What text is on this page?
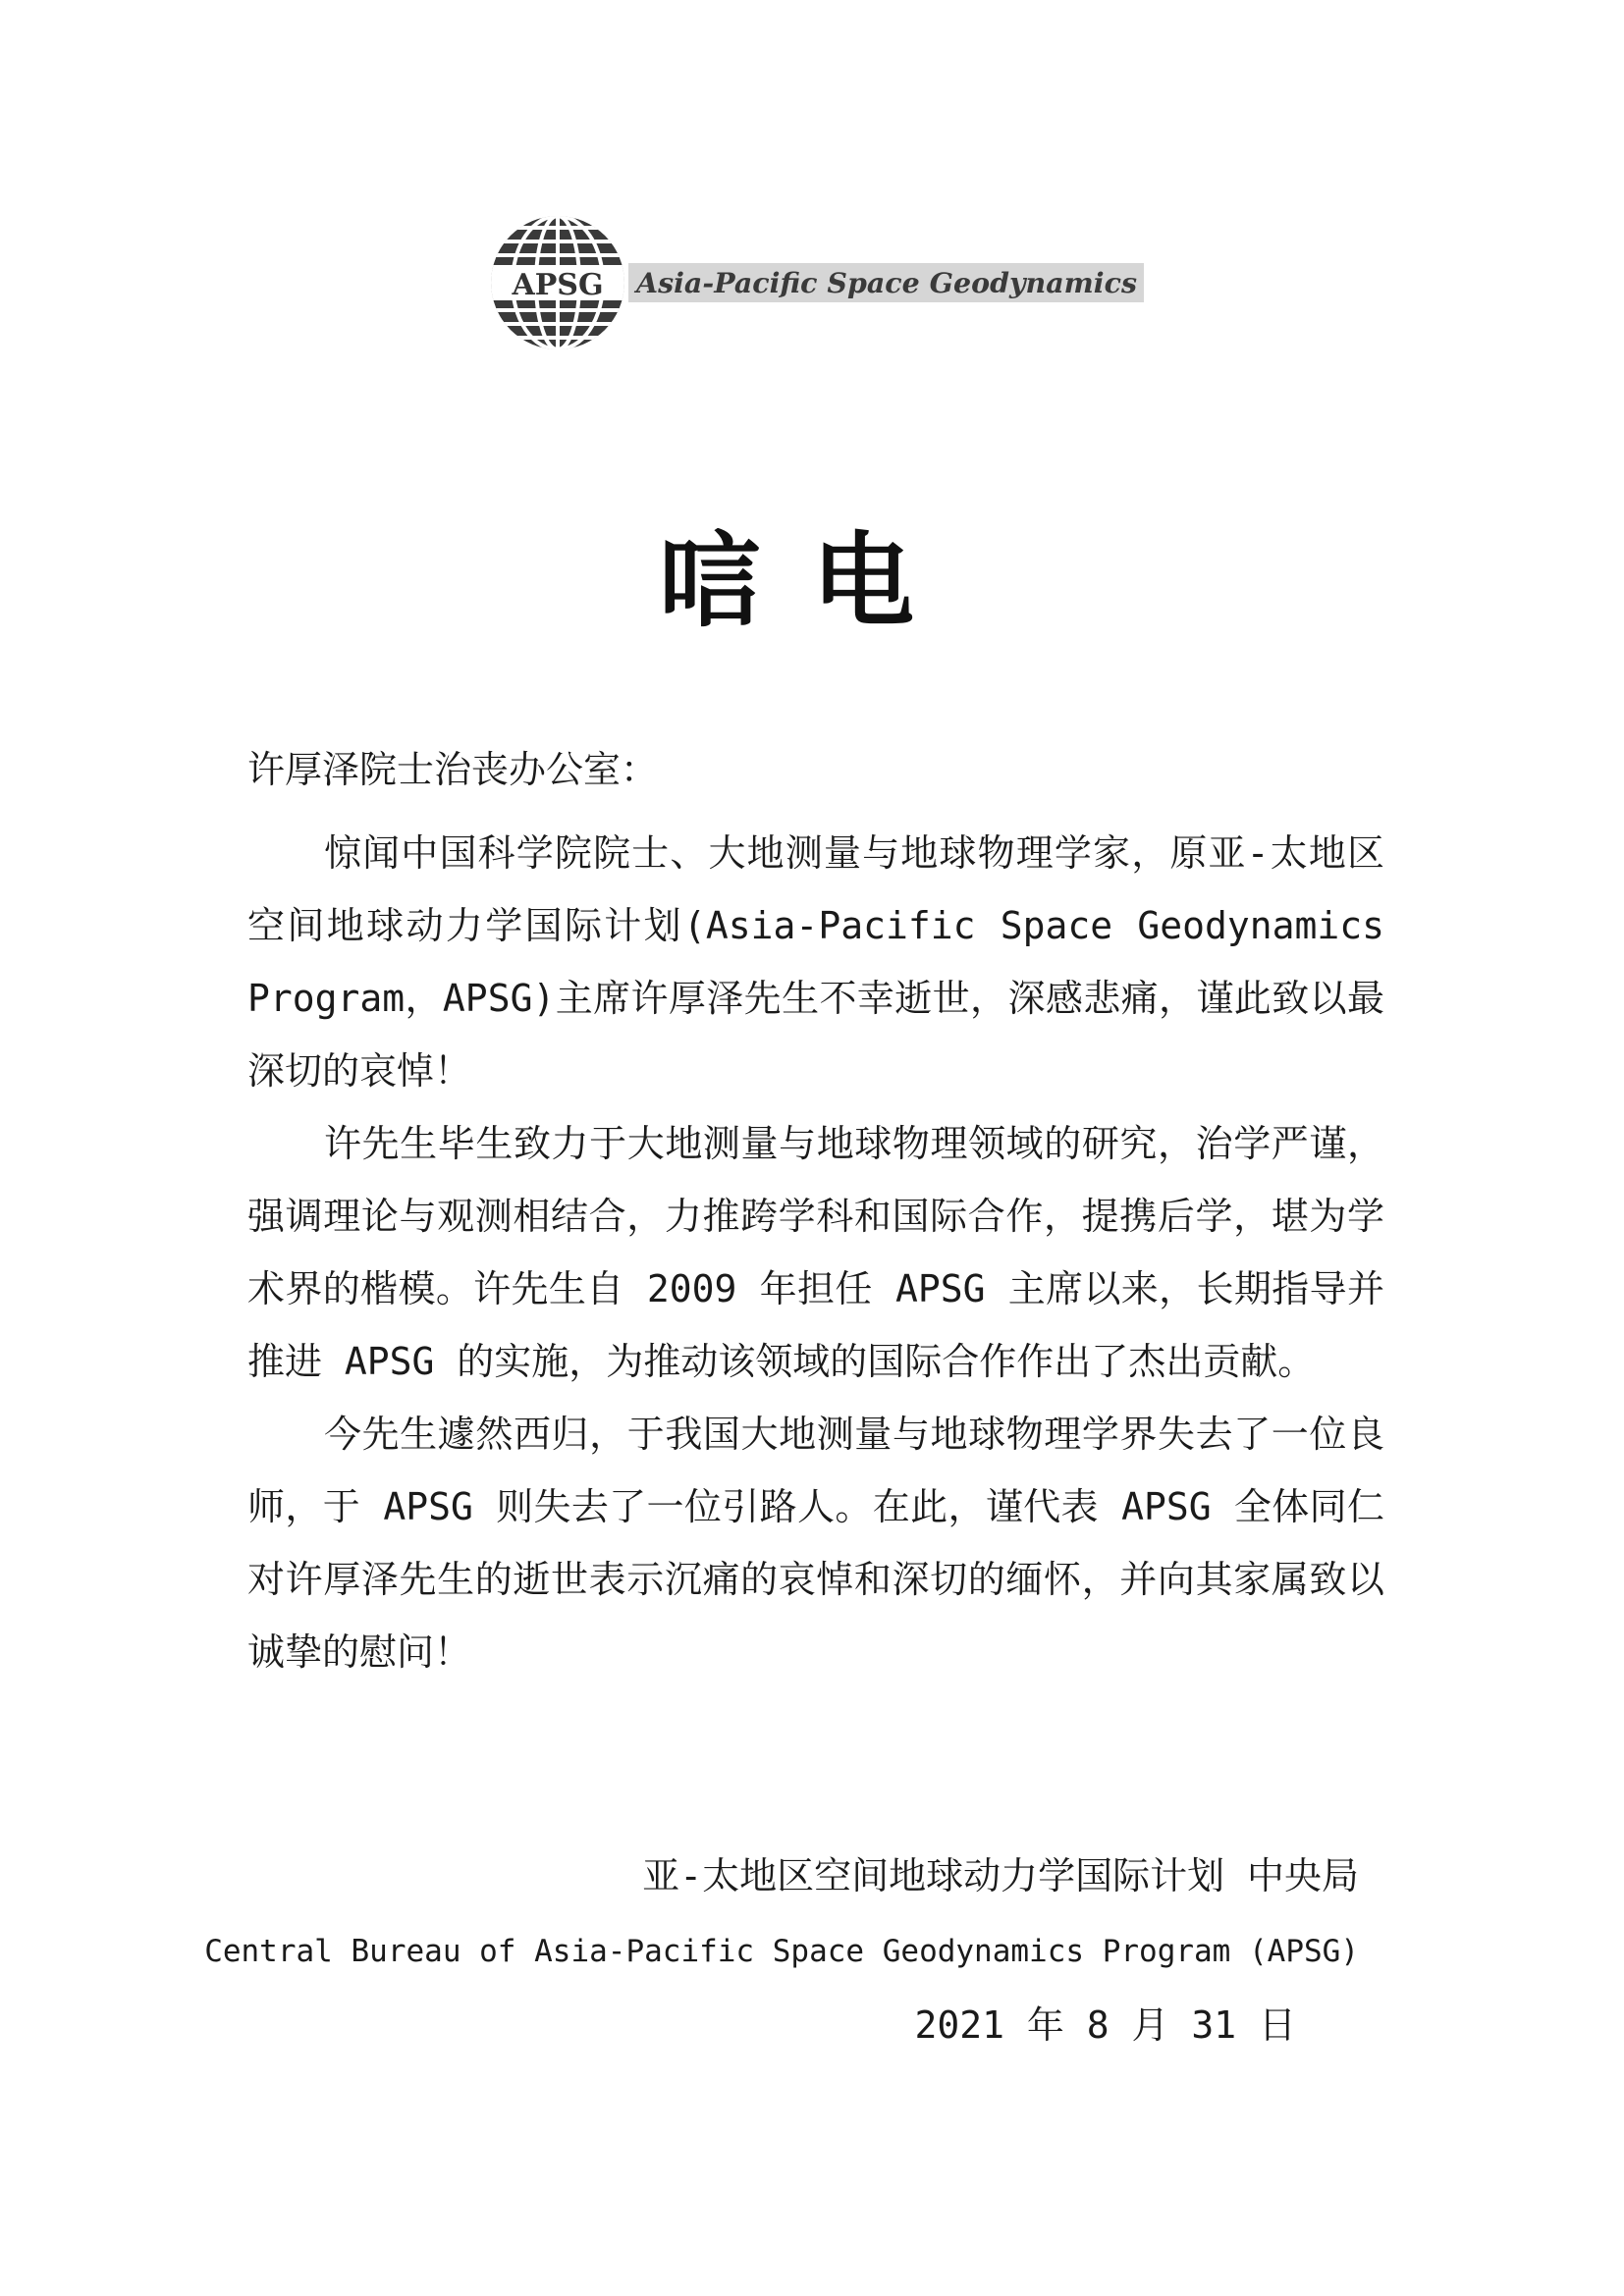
APSG Asia-Pacific Space Geodynamics
唁电

许厚泽院士治丧办公室：

惊闻中国科学院院士、大地测量与地球物理学家，原亚-太地区空间地球动力学国际计划(Asia-Pacific Space Geodynamics Program，APSG)主席许厚泽先生不幸逝世，深感悲痛，谨此致以最深切的哀悼！

许先生毕生致力于大地测量与地球物理领域的研究，治学严谨，强调理论与观测相结合，力推跨学科和国际合作，提携后学，堪为学术界的楷模。许先生自 2009 年担任 APSG 主席以来，长期指导并推进 APSG 的实施，为推动该领域的国际合作作出了杰出贡献。

今先生遽然西归，于我国大地测量与地球物理学界失去了一位良师，于 APSG 则失去了一位引路人。在此，谨代表 APSG 全体同仁对许厚泽先生的逝世表示沉痛的哀悼和深切的缅怀，并向其家属致以诚挚的慰问！

亚-太地区空间地球动力学国际计划 中央局

Central Bureau of Asia-Pacific Space Geodynamics Program (APSG)

2021 年 8 月 31 日
